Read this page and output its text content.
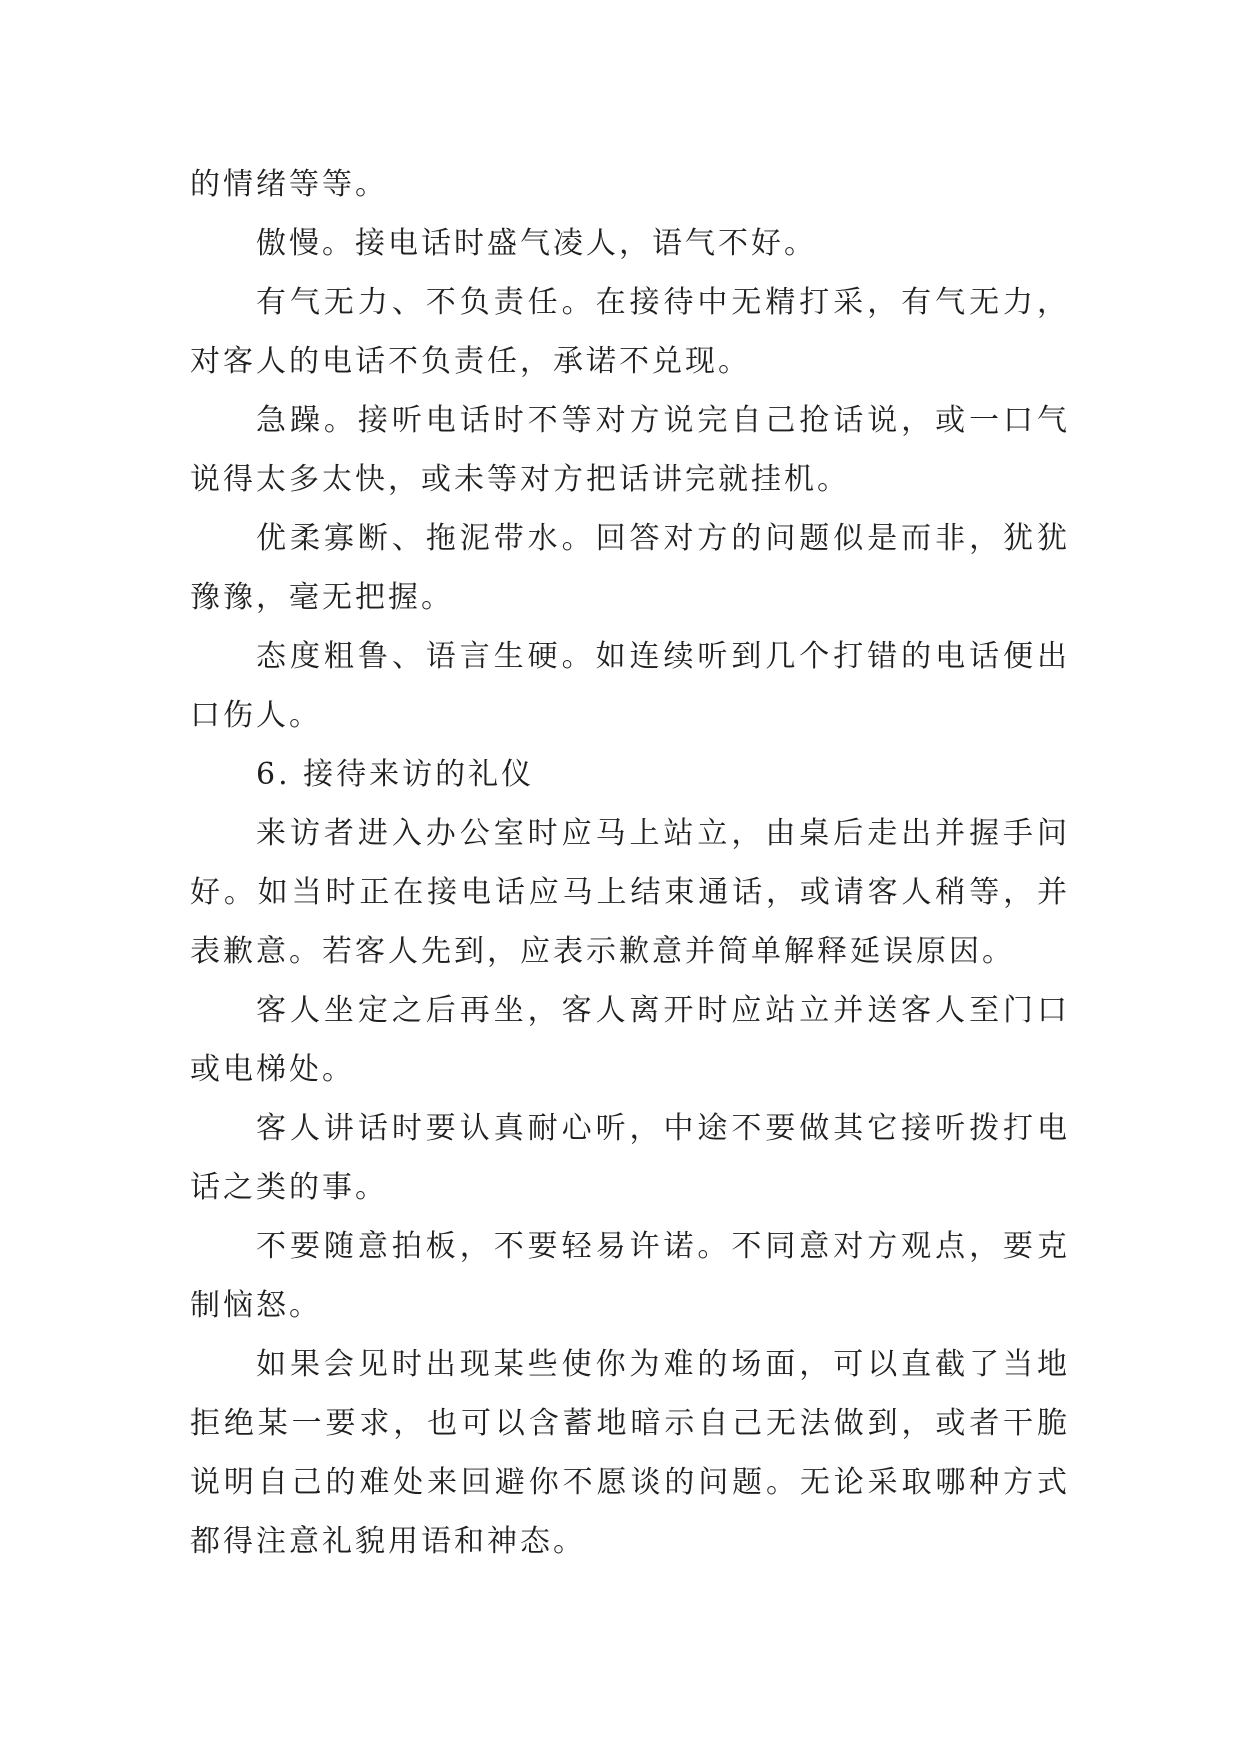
的情绪等等。

傲慢。接电话时盛气凌人，语气不好。

有气无力、不负责任。在接待中无精打采，有气无力，对客人的电话不负责任，承诺不兑现。

急躁。接听电话时不等对方说完自己抢话说，或一口气说得太多太快，或未等对方把话讲完就挂机。

优柔寡断、拖泥带水。回答对方的问题似是而非，犹犹豫豫，毫无把握。

态度粗鲁、语言生硬。如连续听到几个打错的电话便出口伤人。

6. 接待来访的礼仪

来访者进入办公室时应马上站立，由桌后走出并握手问好。如当时正在接电话应马上结束通话，或请客人稍等，并表歉意。若客人先到，应表示歉意并简单解释延误原因。

客人坐定之后再坐，客人离开时应站立并送客人至门口或电梯处。

客人讲话时要认真耐心听，中途不要做其它接听拨打电话之类的事。

不要随意拍板，不要轻易许诺。不同意对方观点，要克制恼怒。

如果会见时出现某些使你为难的场面，可以直截了当地拒绝某一要求，也可以含蓄地暗示自己无法做到，或者干脆说明自己的难处来回避你不愿谈的问题。无论采取哪种方式都得注意礼貌用语和神态。
